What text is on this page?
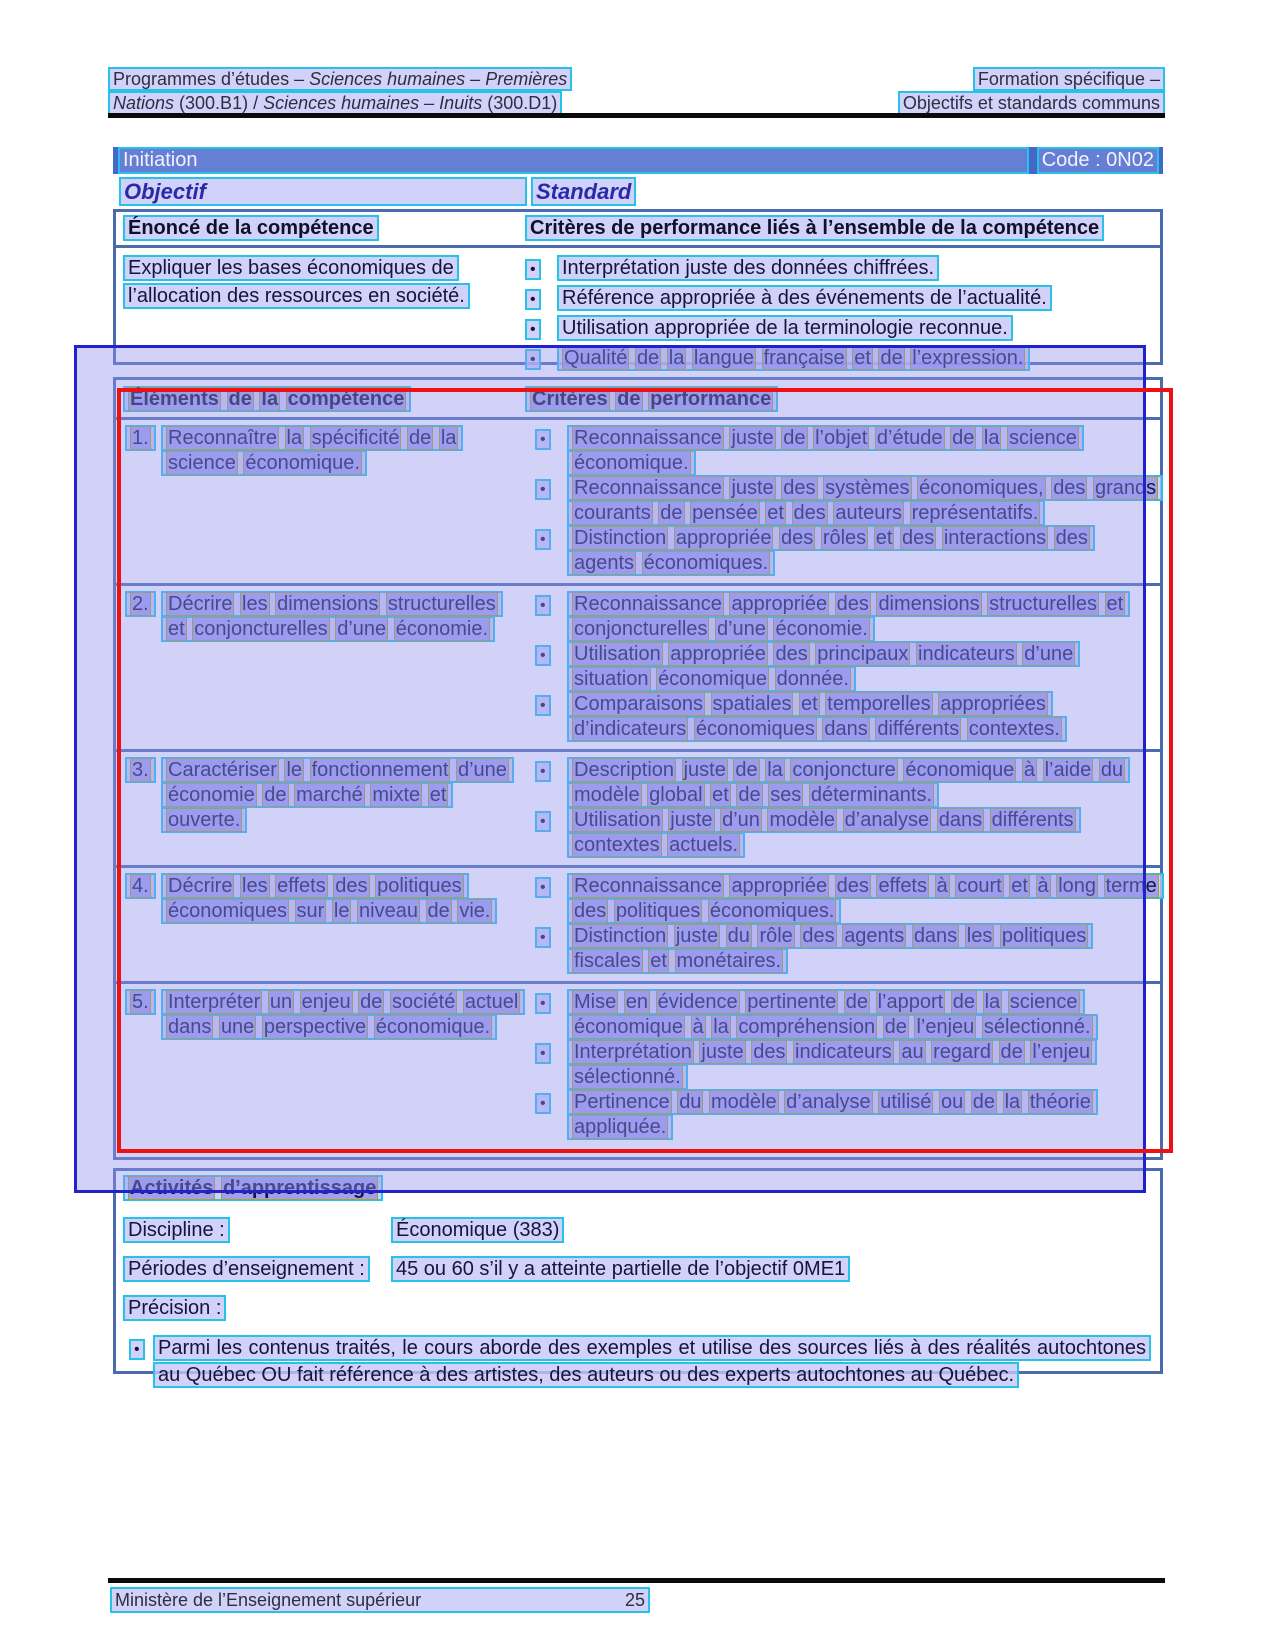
Programmes d’études – Sciences humaines – Premières
Nations (300.B1) / Sciences humaines – Inuits (300.D1)
Formation spécifique –
Objectifs et standards communs
Initiation	Code : 0N02
Objectif	Standard
Énoncé de la compétence	Critères de performance liés à l’ensemble de la compétence
Expliquer les bases économiques de l’allocation des ressources en société.
•	Interprétation juste des données chiffrées.
•	Référence appropriée à des événements de l’actualité.
•	Utilisation appropriée de la terminologie reconnue.
•	Qualité de la langue française et de l’expression.
Éléments de la compétence	Critères de performance
1. Reconnaître la spécificité de la science économique.
•	Reconnaissance juste de l’objet d’étude de la science économique.
•	Reconnaissance juste des systèmes économiques, des grands courants de pensée et des auteurs représentatifs.
•	Distinction appropriée des rôles et des interactions des agents économiques.
2. Décrire les dimensions structurelles et conjoncturelles d’une économie.
•	Reconnaissance appropriée des dimensions structurelles et conjoncturelles d’une économie.
•	Utilisation appropriée des principaux indicateurs d’une situation économique donnée.
•	Comparaisons spatiales et temporelles appropriées d’indicateurs économiques dans différents contextes.
3. Caractériser le fonctionnement d’une économie de marché mixte et ouverte.
•	Description juste de la conjoncture économique à l’aide du modèle global et de ses déterminants.
•	Utilisation juste d’un modèle d’analyse dans différents contextes actuels.
4. Décrire les effets des politiques économiques sur le niveau de vie.
•	Reconnaissance appropriée des effets à court et à long terme des politiques économiques.
•	Distinction juste du rôle des agents dans les politiques fiscales et monétaires.
5. Interpréter un enjeu de société actuel dans une perspective économique.
•	Mise en évidence pertinente de l’apport de la science économique à la compréhension de l’enjeu sélectionné.
•	Interprétation juste des indicateurs au regard de l’enjeu sélectionné.
•	Pertinence du modèle d’analyse utilisé ou de la théorie appliquée.
Activités d’apprentissage
Discipline :	Économique (383)
Périodes d’enseignement :	45 ou 60 s’il y a atteinte partielle de l’objectif 0ME1
Précision :
• Parmi les contenus traités, le cours aborde des exemples et utilise des sources liés à des réalités autochtones au Québec OU fait référence à des artistes, des auteurs ou des experts autochtones au Québec.
Ministère de l’Enseignement supérieur	25
